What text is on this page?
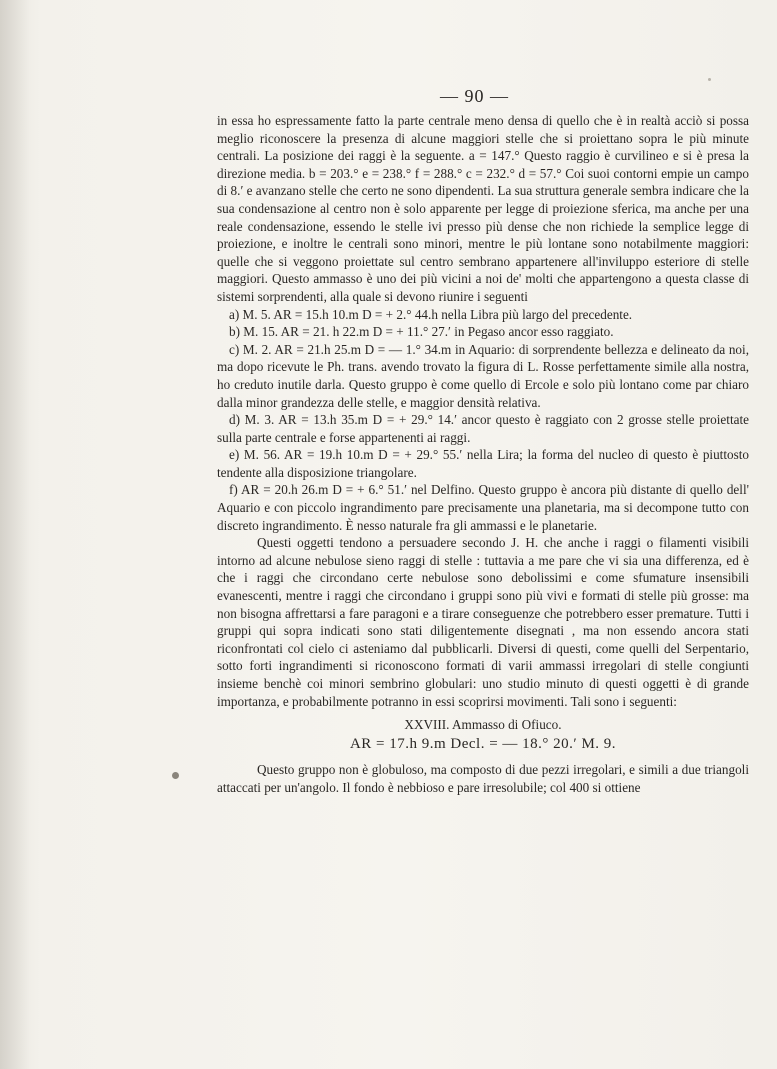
— 90 —

in essa ho espressamente fatto la parte centrale meno densa di quello che è in realtà acciò si possa meglio riconoscere la presenza di alcune maggiori stelle che si proiettano sopra le più minute centrali. La posizione dei raggi è la seguente. a = 147.° Questo raggio è curvilineo e si è presa la direzione media. b = 203.° e = 238.° f = 288.° c = 232.° d = 57.° Coi suoi contorni empie un campo di 8.′ e avanzano stelle che certo ne sono dipendenti. La sua struttura generale sembra indicare che la sua condensazione al centro non è solo apparente per legge di proiezione sferica, ma anche per una reale condensazione, essendo le stelle ivi presso più dense che non richiede la semplice legge di proiezione, e inoltre le centrali sono minori, mentre le più lontane sono notabilmente maggiori: quelle che si veggono proiettate sul centro sembrano appartenere all'inviluppo esteriore di stelle maggiori. Questo ammasso è uno dei più vicini a noi de' molti che appartengono a questa classe di sistemi sorprendenti, alla quale si devono riunire i seguenti

a) M. 5. AR = 15.h 10.m D = + 2.° 44.h nella Libra più largo del precedente.

b) M. 15. AR = 21. h 22.m D = + 11.° 27.′ in Pegaso ancor esso raggiato.

c) M. 2. AR = 21.h 25.m D = — 1.° 34.m in Aquario: di sorprendente bellezza e delineato da noi, ma dopo ricevute le Ph. trans. avendo trovato la figura di L. Rosse perfettamente simile alla nostra, ho creduto inutile darla. Questo gruppo è come quello di Ercole e solo più lontano come par chiaro dalla minor grandezza delle stelle, e maggior densità relativa.

d) M. 3. AR = 13.h 35.m D = + 29.° 14.′ ancor questo è raggiato con 2 grosse stelle proiettate sulla parte centrale e forse appartenenti ai raggi.

e) M. 56. AR = 19.h 10.m D = + 29.° 55.′ nella Lira; la forma del nucleo di questo è piuttosto tendente alla disposizione triangolare.

f) AR = 20.h 26.m D = + 6.° 51.′ nel Delfino. Questo gruppo è ancora più distante di quello dell' Aquario e con piccolo ingrandimento pare precisamente una planetaria, ma si decompone tutto con discreto ingrandimento. È nesso naturale fra gli ammassi e le planetarie.

Questi oggetti tendono a persuadere secondo J. H. che anche i raggi o filamenti visibili intorno ad alcune nebulose sieno raggi di stelle : tuttavia a me pare che vi sia una differenza, ed è che i raggi che circondano certe nebulose sono debolissimi e come sfumature insensibili evanescenti, mentre i raggi che circondano i gruppi sono più vivi e formati di stelle più grosse: ma non bisogna affrettarsi a fare paragoni e a tirare conseguenze che potrebbero esser premature. Tutti i gruppi qui sopra indicati sono stati diligentemente disegnati , ma non essendo ancora stati riconfrontati col cielo ci asteniamo dal pubblicarli. Diversi di questi, come quelli del Serpentario, sotto forti ingrandimenti si riconoscono formati di varii ammassi irregolari di stelle congiunti insieme benchè coi minori sembrino globulari: uno studio minuto di questi oggetti è di grande importanza, e probabilmente potranno in essi scoprirsi movimenti. Tali sono i seguenti:

XXVIII. Ammasso di Ofiuco.

AR = 17.h 9.m Decl. = — 18.° 20.′ M. 9.

Questo gruppo non è globuloso, ma composto di due pezzi irregolari, e simili a due triangoli attaccati per un'angolo. Il fondo è nebbioso e pare irresolubile; col 400 si ottiene
